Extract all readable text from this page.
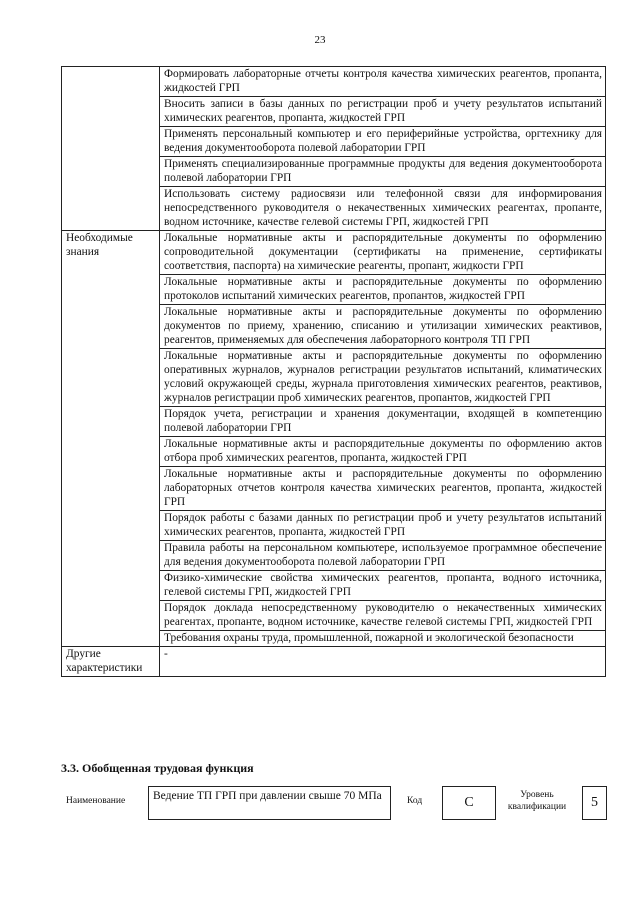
23
	Формировать лабораторные отчеты контроля качества химических реагентов, пропанта, жидкостей ГРП
	Вносить записи в базы данных по регистрации проб и учету результатов испытаний химических реагентов, пропанта, жидкостей ГРП
	Применять персональный компьютер и его периферийные устройства, оргтехнику для ведения документооборота полевой лаборатории ГРП
	Применять специализированные программные продукты для ведения документооборота полевой лаборатории ГРП
	Использовать систему радиосвязи или телефонной связи для информирования непосредственного руководителя о некачественных химических реагентах, пропанте, водном источнике, качестве гелевой системы ГРП, жидкостей ГРП
Необходимые знания	Локальные нормативные акты и распорядительные документы по оформлению сопроводительной документации (сертификаты на применение, сертификаты соответствия, паспорта) на химические реагенты, пропант, жидкости ГРП
	Локальные нормативные акты и распорядительные документы по оформлению протоколов испытаний химических реагентов, пропантов, жидкостей ГРП
	Локальные нормативные акты и распорядительные документы по оформлению документов по приему, хранению, списанию и утилизации химических реактивов, реагентов, применяемых для обеспечения лабораторного контроля ТП ГРП
	Локальные нормативные акты и распорядительные документы по оформлению оперативных журналов, журналов регистрации результатов испытаний, климатических условий окружающей среды, журнала приготовления химических реагентов, реактивов, журналов регистрации проб химических реагентов, пропантов, жидкостей ГРП
	Порядок учета, регистрации и хранения документации, входящей в компетенцию полевой лаборатории ГРП
	Локальные нормативные акты и распорядительные документы по оформлению актов отбора проб химических реагентов, пропанта, жидкостей ГРП
	Локальные нормативные акты и распорядительные документы по оформлению лабораторных отчетов контроля качества химических реагентов, пропанта, жидкостей ГРП
	Порядок работы с базами данных по регистрации проб и учету результатов испытаний химических реагентов, пропанта, жидкостей ГРП
	Правила работы на персональном компьютере, используемое программное обеспечение для ведения документооборота полевой лаборатории ГРП
	Физико-химические свойства химических реагентов, пропанта, водного источника, гелевой системы ГРП, жидкостей ГРП
	Порядок доклада непосредственному руководителю о некачественных химических реагентах, пропанте, водном источнике, качестве гелевой системы ГРП, жидкостей ГРП
	Требования охраны труда, промышленной, пожарной и экологической безопасности
Другие характеристики	-
3.3. Обобщенная трудовая функция
Наименование	Ведение ТП ГРП при давлении свыше 70 МПа	Код	C	Уровень квалификации	5
